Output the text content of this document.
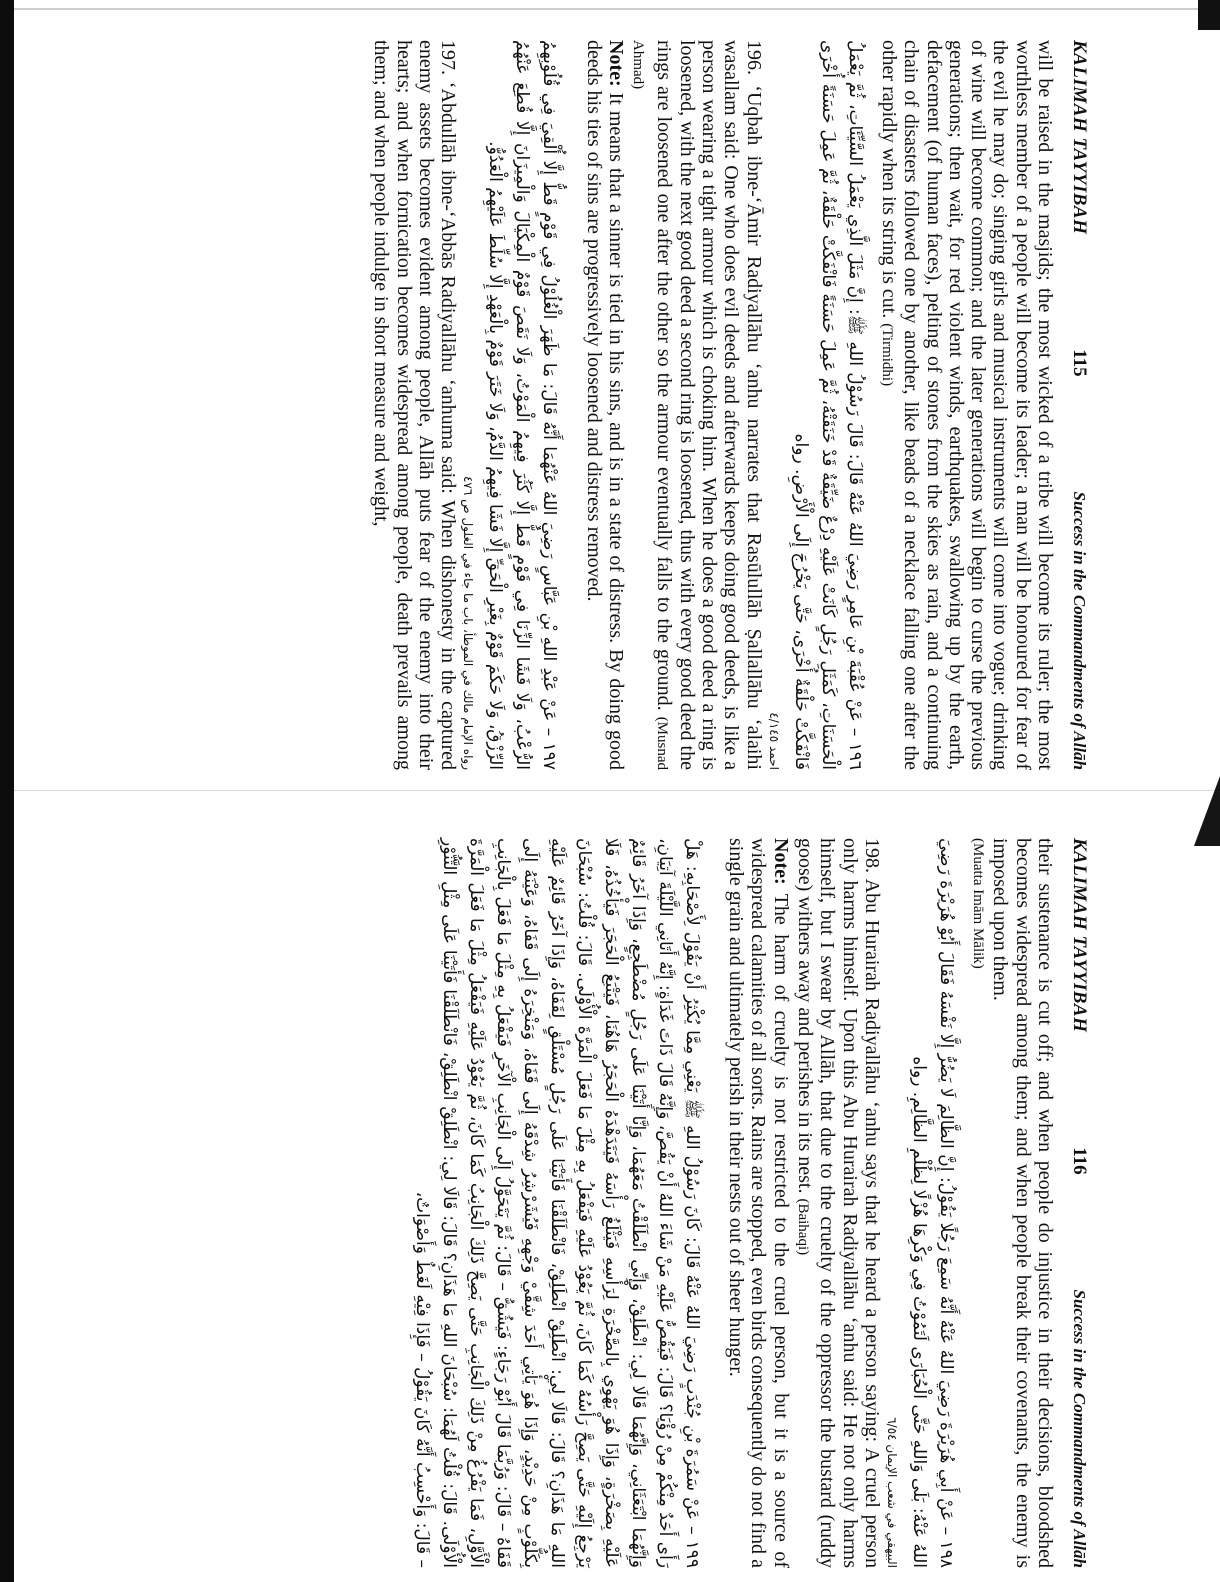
KALIMAH TAYYIBAH
115
Success in the Commandments of Allāh

will be raised in the masjids; the most wicked of a tribe will become its ruler; the most worthless member of a people will become its leader; a man will be honoured for fear of the evil he may do; singing girls and musical instruments will come into vogue; drinking of wine will become common; and the later generations will begin to curse the previous generations; then wait, for red violent winds, earthquakes, swallowing up by the earth, defacement (of human faces), pelting of stones from the skies as rain, and a continuing chain of disasters followed one by another, like beads of a necklace falling one after the other rapidly when its string is cut. (Tirmidhi)

١٩٦ – عَنْ عُقْبَةَ بْنِ عَامِرٍ رَضِيَ اللهُ عَنْهُ قَالَ: قَالَ رَسُوْلُ اللهِ ﷺ: إِنَّ مَثَلَ الَّذِي يَعْمَلُ السَّيِّئَاتِ، ثُمَّ يَعْمَلُ الْحَسَنَاتِ، كَمَثَلِ رَجُلٍ كَانَتْ عَلَيْهِ دِرْعٌ ضَيِّقَةٌ قَدْ خَنَقَتْهُ، ثُمَّ عَمِلَ حَسَنَةً فَانْفَكَّتْ حَلْقَةٌ، ثُمَّ عَمِلَ حَسَنَةً أُخْرَى فَانْفَكَّتْ حَلْقَةٌ أُخْرَى، حَتَّى يَخْرُجَ إِلَى الْأَرْضِ. رواه

احمد ٤/١٤٥

196. ‘Uqbah ibne-‘Āmir Radiyallāhu ‘anhu narrates that Rasūlullāh Ṣallallāhu ‘alaihi wasallam said: One who does evil deeds and afterwards keeps doing good deeds, is like a person wearing a tight armour which is choking him. When he does a good deed a ring is loosened, with the next good deed a second ring is loosened, thus with every good deed the rings are loosened one after the other so the armour eventually falls to the ground. (Musnad Ahmad)

Note: It means that a sinner is tied in his sins, and is in a state of distress. By doing good deeds his ties of sins are progressively loosened and distress removed.

١٩٧ – عَنْ عَبْدِ اللهِ بْنِ عَبَّاسٍ رَضِيَ اللهُ عَنْهُمَا أَنَّهُ قَالَ: مَا ظَهَرَ الْغُلُوْلُ فِي قَوْمٍ قَطُّ إِلَّا أُلْقِيَ فِي قُلُوْبِهِمُ الرُّعْبُ، وَلَا فَشَا الزِّنَا فِي قَوْمٍ قَطُّ إِلَّا كَثُرَ فِيهِمُ الْمَوْتُ، وَلَا نَقَصَ قَوْمٌ الْمِكْيَالَ وَالْمِيزَانَ إِلَّا قُطِعَ عَنْهُمُ الرِّزْقُ، وَلَا حَكَمَ قَوْمٌ بِغَيْرِ الْحَقِّ إِلَّا فَشَا فِيهِمُ الدَّمُ، وَلَا خَتَرَ قَوْمٌ بِالْعَهْدِ إِلَّا سُلِّطَ عَلَيْهِمُ الْعَدُوُّ.

رواه الإمام مالك في الموطأ، باب ما جاء في الغلول ص ٤٧٦

197. ‘Abdullāh ibne-‘Abbās Radiyallāhu ‘anhuma said: When dishonesty in the captured enemy assets becomes evident among people, Allāh puts fear of the enemy into their hearts; and when fornication becomes widespread among people, death prevails among them; and when people indulge in short measure and weight,

KALIMAH TAYYIBAH
116
Success in the Commandments of Allāh

their sustenance is cut off; and when people do injustice in their decisions, bloodshed becomes widespread among them; and when people break their covenants, the enemy is imposed upon them.

(Muatta Imām Mālik)

١٩٨ – عَنْ أَبِي هُرَيْرَةَ رَضِيَ اللهُ عَنْهُ أَنَّهُ سَمِعَ رَجُلًا يَقُوْلُ: إِنَّ الظَّالِمَ لَا يَضُرُّ إِلَّا نَفْسَهُ فَقَالَ أَبُوْ هُرَيْرَةَ رَضِيَ اللهُ عَنْهُ: بَلَى وَاللهِ حَتَّى الْحُبَارَى لَتَمُوْتُ فِي وَكْرِهَا هُزْلًا لِظُلْمِ الظَّالِمِ. رواه

البيهقي في شعب الإيمان ٦/٥٤

198. Abu Hurairah Radiyallāhu ‘anhu says that he heard a person saying: A cruel person only harms himself. Upon this Abu Hurairah Radiyallāhu ‘anhu said: He not only harms himself, but I swear by Allāh, that due to the cruelty of the oppressor the bustard (ruddy goose) withers away and perishes in its nest. (Baihaqi)

Note: The harm of cruelty is not restricted to the cruel person, but it is a source of widespread calamities of all sorts. Rains are stopped, even birds consequently do not find a single grain and ultimately perish in their nests out of sheer hunger.

١٩٩ – عَنْ سَمُرَةَ بْنِ جُنْدَبٍ رَضِيَ اللهُ عَنْهُ قَالَ: كَانَ رَسُوْلُ اللهِ ﷺ يَعْنِي مِمَّا يُكْثِرُ أَنْ يَقُوْلَ لِأَصْحَابِهِ: هَلْ رَأَى أَحَدٌ مِنْكُمْ مِنْ رُؤْيَا؟ قَالَ: فَيَقُصُّ عَلَيْهِ مَنْ شَاءَ اللهُ أَنْ يَقُصَّ، وَإِنَّهُ قَالَ ذَاتَ غَدَاةٍ: إِنَّهُ أَتَانِي اللَّيْلَةَ آتِيَانِ، وَإِنَّهُمَا ابْتَعَثَانِي، وَإِنَّهُمَا قَالَا لِي: انْطَلِقْ، وَإِنِّي انْطَلَقْتُ مَعَهُمَا، وَإِنَّا أَتَيْنَا عَلَى رَجُلٍ مُضْطَجِعٍ، وَإِذَا آخَرُ قَائِمٌ عَلَيْهِ بِصَخْرَةٍ، وَإِذَا هُوَ يَهْوِي بِالصَّخْرَةِ لِرَأْسِهِ فَيَثْلَغُ رَأْسَهُ فَيَتَدَهْدَهُ الْحَجَرُ هَاهُنَا، فَيَتْبَعُ الْحَجَرَ فَيَأْخُذُهُ، فَلَا يَرْجِعُ إِلَيْهِ حَتَّى يَصِحَّ رَأْسُهُ كَمَا كَانَ، ثُمَّ يَعُوْدُ عَلَيْهِ فَيَفْعَلُ بِهِ مِثْلَ مَا فَعَلَ الْمَرَّةَ الْأُوْلَى. قَالَ: قُلْتُ: سُبْحَانَ اللهِ مَا هَذَانِ؟ قَالَ: قَالَا لِي: انْطَلِقْ انْطَلِقْ، فَانْطَلَقْنَا فَأَتَيْنَا عَلَى رَجُلٍ مُسْتَلْقٍ لِقَفَاهُ، وَإِذَا آخَرُ قَائِمٌ عَلَيْهِ بِكَلُّوْبٍ مِنْ حَدِيْدٍ، وَإِذَا هُوَ يَأْتِي أَحَدَ شِقَّيْ وَجْهِهِ فَيُشَرْشِرُ شِدْقَهُ إِلَى قَفَاهُ، وَمَنْخِرَهُ إِلَى قَفَاهُ، وَعَيْنَهُ إِلَى قَفَاهُ – قَالَ: وَرُبَّمَا قَالَ أَبُوْ رَجَاءٍ: فَيَشُقُّ – قَالَ: ثُمَّ يَتَحَوَّلُ إِلَى الْجَانِبِ الْآخَرِ فَيَفْعَلُ بِهِ مِثْلَ مَا فَعَلَ بِالْجَانِبِ الْأَوَّلِ، فَمَا يَفْرُغُ مِنْ ذَلِكَ الْجَانِبِ حَتَّى يَصِحَّ ذَلِكَ الْجَانِبُ كَمَا كَانَ، ثُمَّ يَعُوْدُ عَلَيْهِ فَيَفْعَلُ مِثْلَ مَا فَعَلَ الْمَرَّةَ الْأُوْلَى. قَالَ: قُلْتُ لَهُمَا: سُبْحَانَ اللهِ مَا هَذَانِ؟ قَالَ: قَالَا لِي: انْطَلِقْ انْطَلِقْ، فَانْطَلَقْنَا فَأَتَيْنَا عَلَى مِثْلِ التَّنُّوْرِ – قَالَ: وَأَحْسِبُ أَنَّهُ كَانَ يَقُوْلُ – فَإِذَا فِيْهِ لَغَطٌ وَأَصْوَاتٌ،
